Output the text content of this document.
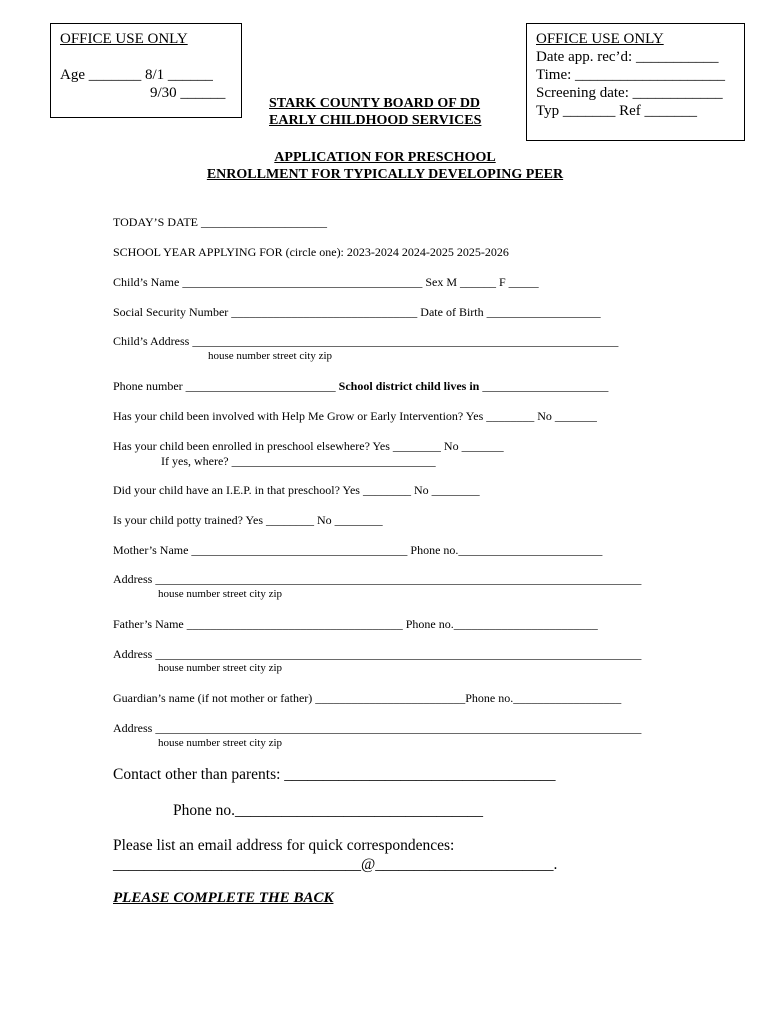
OFFICE USE ONLY
Age _______ 8/1 ______
9/30 ______
OFFICE USE ONLY
Date app. rec’d: ___________
Time: ____________________
Screening date: ____________
Typ _______ Ref _______
STARK COUNTY BOARD OF DD
EARLY CHILDHOOD SERVICES
APPLICATION FOR PRESCHOOL
ENROLLMENT FOR TYPICALLY DEVELOPING PEER
TODAY’S DATE _____________________
SCHOOL YEAR APPLYING FOR (circle one): 2023-2024 2024-2025 2025-2026
Child’s Name ________________________________________ Sex M ______ F _____
Social Security Number _______________________________ Date of Birth ___________________
Child’s Address _______________________________________________________________________
house number street city zip
Phone number _________________________ School district child lives in _____________________
Has your child been involved with Help Me Grow or Early Intervention? Yes ________ No _______
Has your child been enrolled in preschool elsewhere? Yes ________ No _______
If yes, where? __________________________________
Did your child have an I.E.P. in that preschool? Yes ________ No ________
Is your child potty trained? Yes ________ No ________
Mother’s Name ____________________________________ Phone no.________________________
Address _________________________________________________________________________________
house number street city zip
Father’s Name ____________________________________ Phone no.________________________
Address _________________________________________________________________________________
house number street city zip
Guardian’s name (if not mother or father) _________________________Phone no.__________________
Address _________________________________________________________________________________
house number street city zip
Contact other than parents: ___________________________________
Phone no.________________________________
Please list an email address for quick correspondences:
________________________________@_______________________.
PLEASE COMPLETE THE BACK
